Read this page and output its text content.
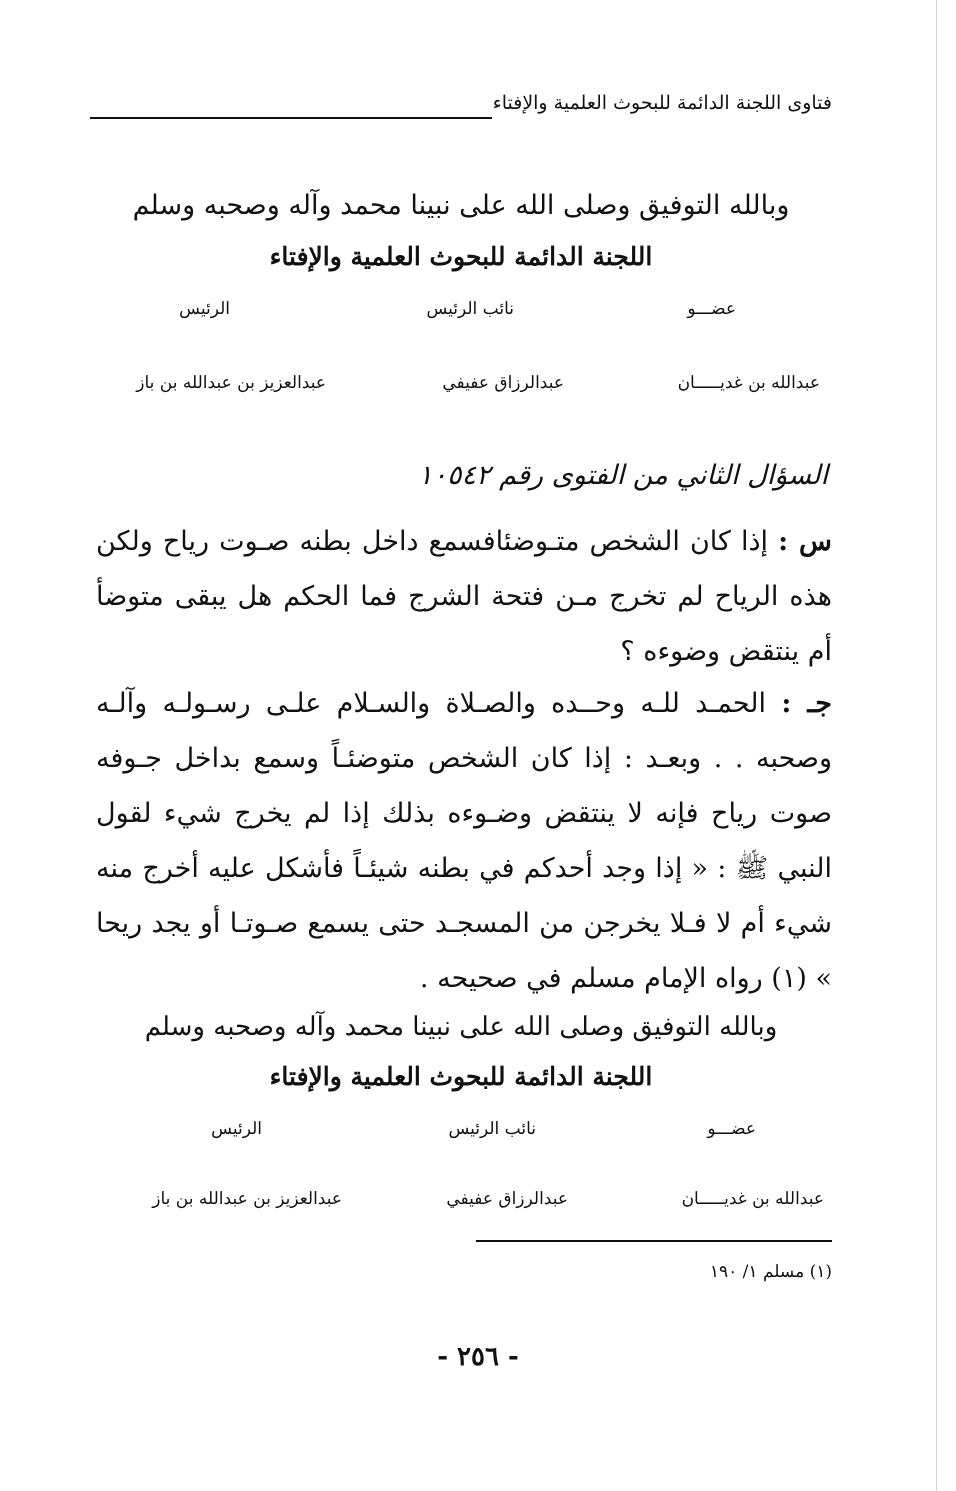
فتاوى اللجنة الدائمة للبحوث العلمية والإفتاء
وبالله التوفيق وصلى الله على نبينا محمد وآله وصحبه وسلم
اللجنة الدائمة للبحوث العلمية والإفتاء
عضـــو
نائب الرئيس
الرئيس
عبدالله بن غديـــــان
عبدالرزاق عفيفي
عبدالعزيز بن عبدالله بن باز
السؤال الثاني من الفتوى رقم ١٠٥٤٢
س : إذا كان الشخص متـوضئافسمع داخل بطنه صـوت رياح ولكن هذه الرياح لم تخرج مـن فتحة الشرج فما الحكم هل يبقى متوضأ أم ينتقض وضوءه ؟
جـ : الحمـد للـه وحــده والصـلاة والسـلام علـى رسـولـه وآلـه وصحبه . . وبعـد : إذا كان الشخص متوضئـاً وسمع بداخل جـوفه صوت رياح فإنه لا ينتقض وضـوءه بذلك إذا لم يخرج شيء لقول النبي ﷺ : « إذا وجد أحدكم في بطنه شيئـاً فأشكل عليه أخرج منه شيء أم لا فـلا يخرجن من المسجـد حتى يسمع صـوتـا أو يجد ريحا » (١) رواه الإمام مسلم في صحيحه .
وبالله التوفيق وصلى الله على نبينا محمد وآله وصحبه وسلم
اللجنة الدائمة للبحوث العلمية والإفتاء
عضـــو
نائب الرئيس
الرئيس
عبدالله بن غديـــــان
عبدالرزاق عفيفي
عبدالعزيز بن عبدالله بن باز
(١) مسلم ١/ ١٩٠
- ٢٥٦ -
